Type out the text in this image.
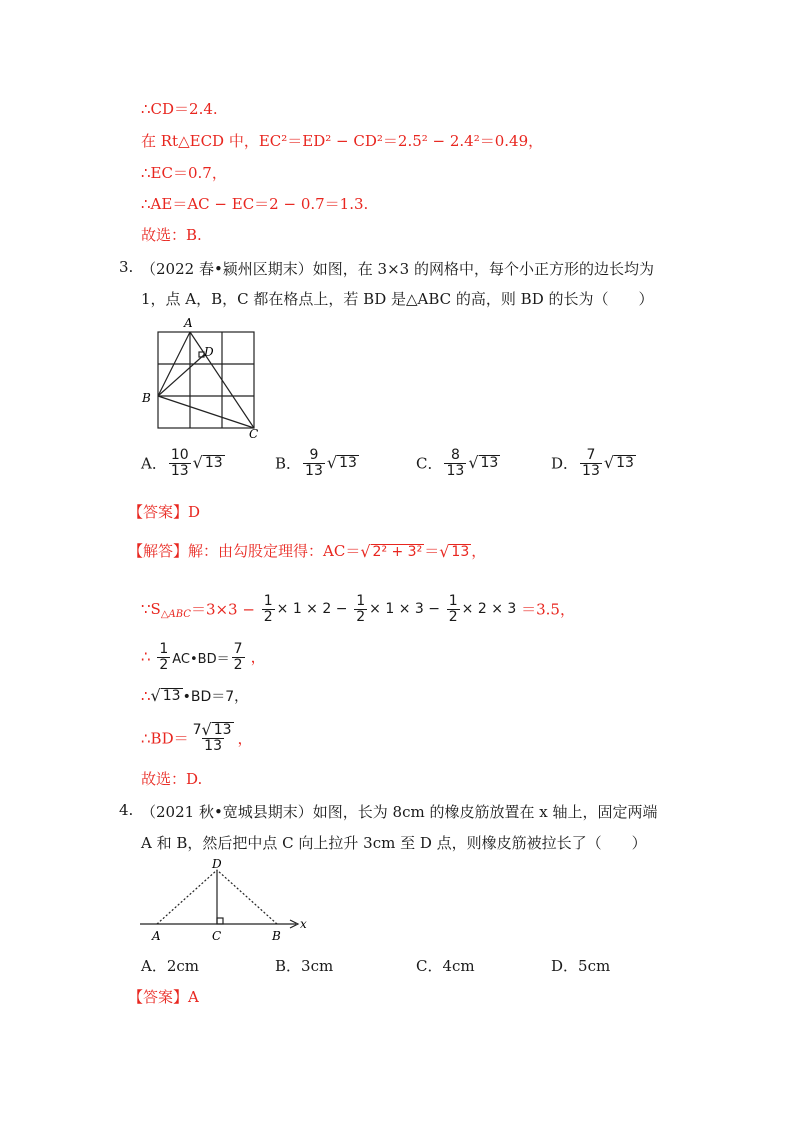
∴CD＝2.4.
在 Rt△ECD 中，EC²＝ED² − CD²＝2.5² − 2.4²＝0.49，
∴EC＝0.7，
∴AE＝AC − EC＝2 − 0.7＝1.3.
故选：B.
3. （2022 春•颍州区期末）如图，在 3×3 的网格中，每个小正方形的边长均为
1，点 A，B，C 都在格点上，若 BD 是△ABC 的高，则 BD 的长为（　　）
A
D
B
C
A． $\frac{10}{13}$ √ 13	B． $\frac{9}{13}$ √ 13	C． $\frac{8}{13}$ √ 13	D． $\frac{7}{13}$ √ 13
【答案】D
【解答】解：由勾股定理得：AC＝ √ 2² + 3² ＝ √ 13 ，
$\because S_{\triangle ABC}=3\times 3 - \frac{1}{2} \times 1 \times 2 - \frac{1}{2} \times 1 \times 3 - \frac{1}{2} \times 2 \times 3 =3.5$，
∴ $\frac{1}{2}$ AC•BD＝ $\frac{7}{2}$ ，
∴ √ 13 •BD＝7，
∴BD＝ $\frac{7 √ 13}{13}$ ，
故选：D.
4. （2021 秋•宽城县期末）如图，长为 8cm 的橡皮筋放置在 x 轴上，固定两端
A 和 B，然后把中点 C 向上拉升 3cm 至 D 点，则橡皮筋被拉长了（　　）
D
A	C	B
x
A．2cm	B．3cm	C．4cm	D．5cm
【答案】A
